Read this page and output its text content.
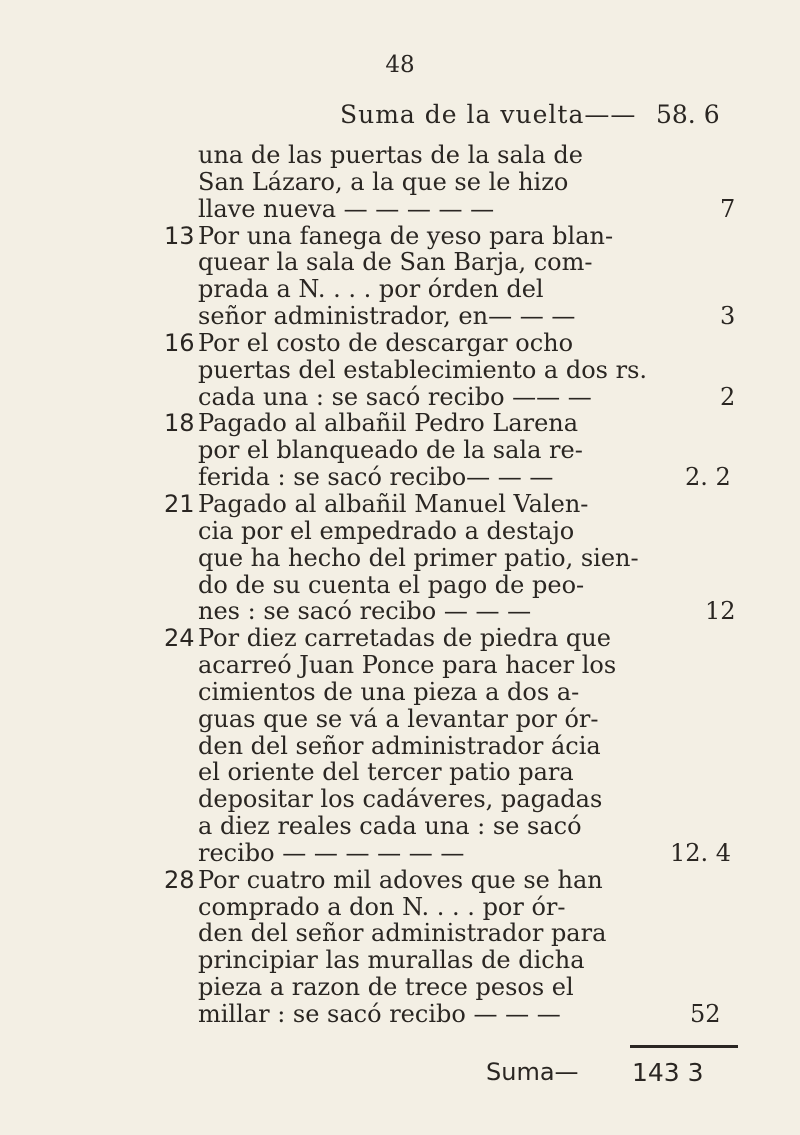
48
Suma de la vuelta—— 58. 6
una de las puertas de la sala de
San Lázaro, a la que se le hizo
llave nueva — — — — —	7
13 Por una fanega de yeso para blan-
quear la sala de San Barja, com-
prada a N. . . . por órden del
señor administrador, en— — —	3
16 Por el costo de descargar ocho
puertas del establecimiento a dos rs.
cada una : se sacó recibo —— —	2
18 Pagado al albañil Pedro Larena
por el blanqueado de la sala re-
ferida : se sacó recibo— — —	2. 2
21 Pagado al albañil Manuel Valen-
cia por el empedrado a destajo
que ha hecho del primer patio, sien-
do de su cuenta el pago de peo-
nes : se sacó recibo — — —	12
24 Por diez carretadas de piedra que
acarreó Juan Ponce para hacer los
cimientos de una pieza a dos a-
guas que se vá a levantar por ór-
den del señor administrador ácia
el oriente del tercer patio para
depositar los cadáveres, pagadas
a diez reales cada una : se sacó
recibo — — — — — —	12. 4
28 Por cuatro mil adoves que se han
comprado a don N. . . . por ór-
den del señor administrador para
principiar las murallas de dicha
pieza a razon de trece pesos el
millar : se sacó recibo — — —	52
Suma— 143 3
